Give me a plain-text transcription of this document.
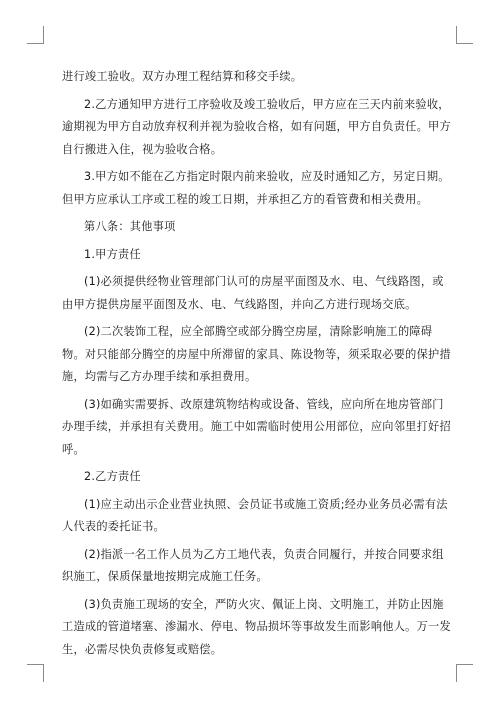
进行竣工验收。双方办理工程结算和移交手续。

2.乙方通知甲方进行工序验收及竣工验收后，甲方应在三天内前来验收，逾期视为甲方自动放弃权利并视为验收合格，如有问题，甲方自负责任。甲方自行搬进入住，视为验收合格。

3.甲方如不能在乙方指定时限内前来验收，应及时通知乙方，另定日期。但甲方应承认工序或工程的竣工日期，并承担乙方的看管费和相关费用。

第八条：其他事项

1.甲方责任

(1)必须提供经物业管理部门认可的房屋平面图及水、电、气线路图，或由甲方提供房屋平面图及水、电、气线路图，并向乙方进行现场交底。

(2)二次装饰工程，应全部腾空或部分腾空房屋，清除影响施工的障碍物。对只能部分腾空的房屋中所滞留的家具、陈设物等，须采取必要的保护措施，均需与乙方办理手续和承担费用。

(3)如确实需要拆、改原建筑物结构或设备、管线，应向所在地房管部门办理手续，并承担有关费用。施工中如需临时使用公用部位，应向邻里打好招呼。

2.乙方责任

(1)应主动出示企业营业执照、会员证书或施工资质;经办业务员必需有法人代表的委托证书。

(2)指派一名工作人员为乙方工地代表，负责合同履行，并按合同要求组织施工，保质保量地按期完成施工任务。

(3)负责施工现场的安全，严防火灾、佩证上岗、文明施工，并防止因施工造成的管道堵塞、渗漏水、停电、物品损坏等事故发生而影响他人。万一发生，必需尽快负责修复或赔偿。
